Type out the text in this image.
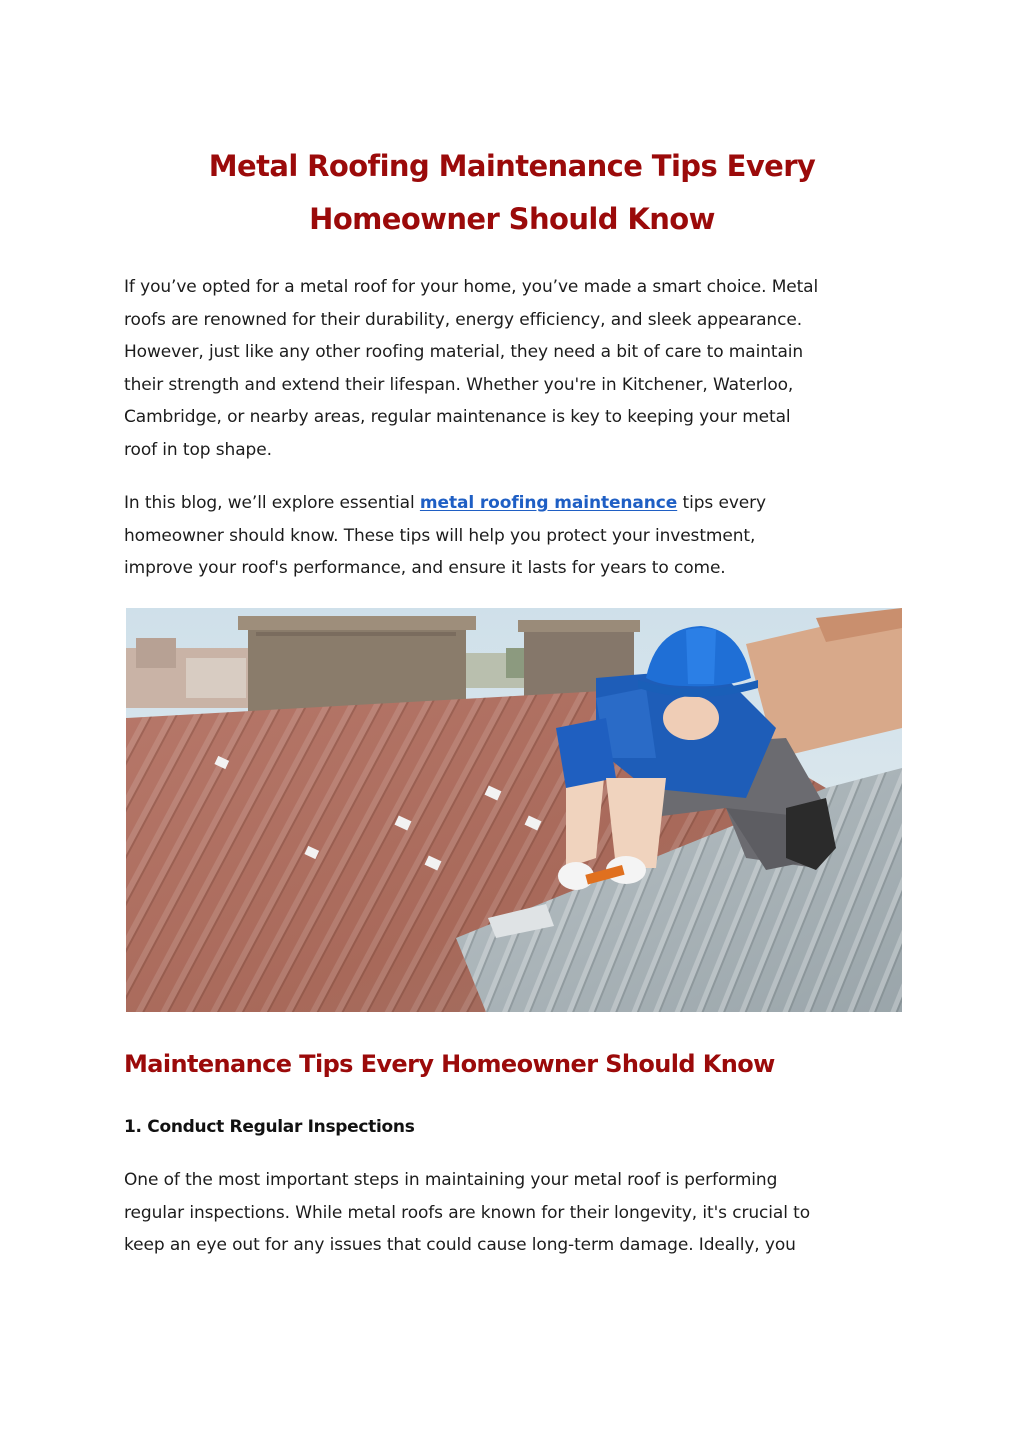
Metal Roofing Maintenance Tips Every
Homeowner Should Know

If you’ve opted for a metal roof for your home, you’ve made a smart choice. Metal
roofs are renowned for their durability, energy efficiency, and sleek appearance.
However, just like any other roofing material, they need a bit of care to maintain
their strength and extend their lifespan. Whether you're in Kitchener, Waterloo,
Cambridge, or nearby areas, regular maintenance is key to keeping your metal
roof in top shape.

In this blog, we’ll explore essential metal roofing maintenance tips every
homeowner should know. These tips will help you protect your investment,
improve your roof's performance, and ensure it lasts for years to come.

Maintenance Tips Every Homeowner Should Know
1. Conduct Regular Inspections

One of the most important steps in maintaining your metal roof is performing
regular inspections. While metal roofs are known for their longevity, it's crucial to
keep an eye out for any issues that could cause long-term damage. Ideally, you
